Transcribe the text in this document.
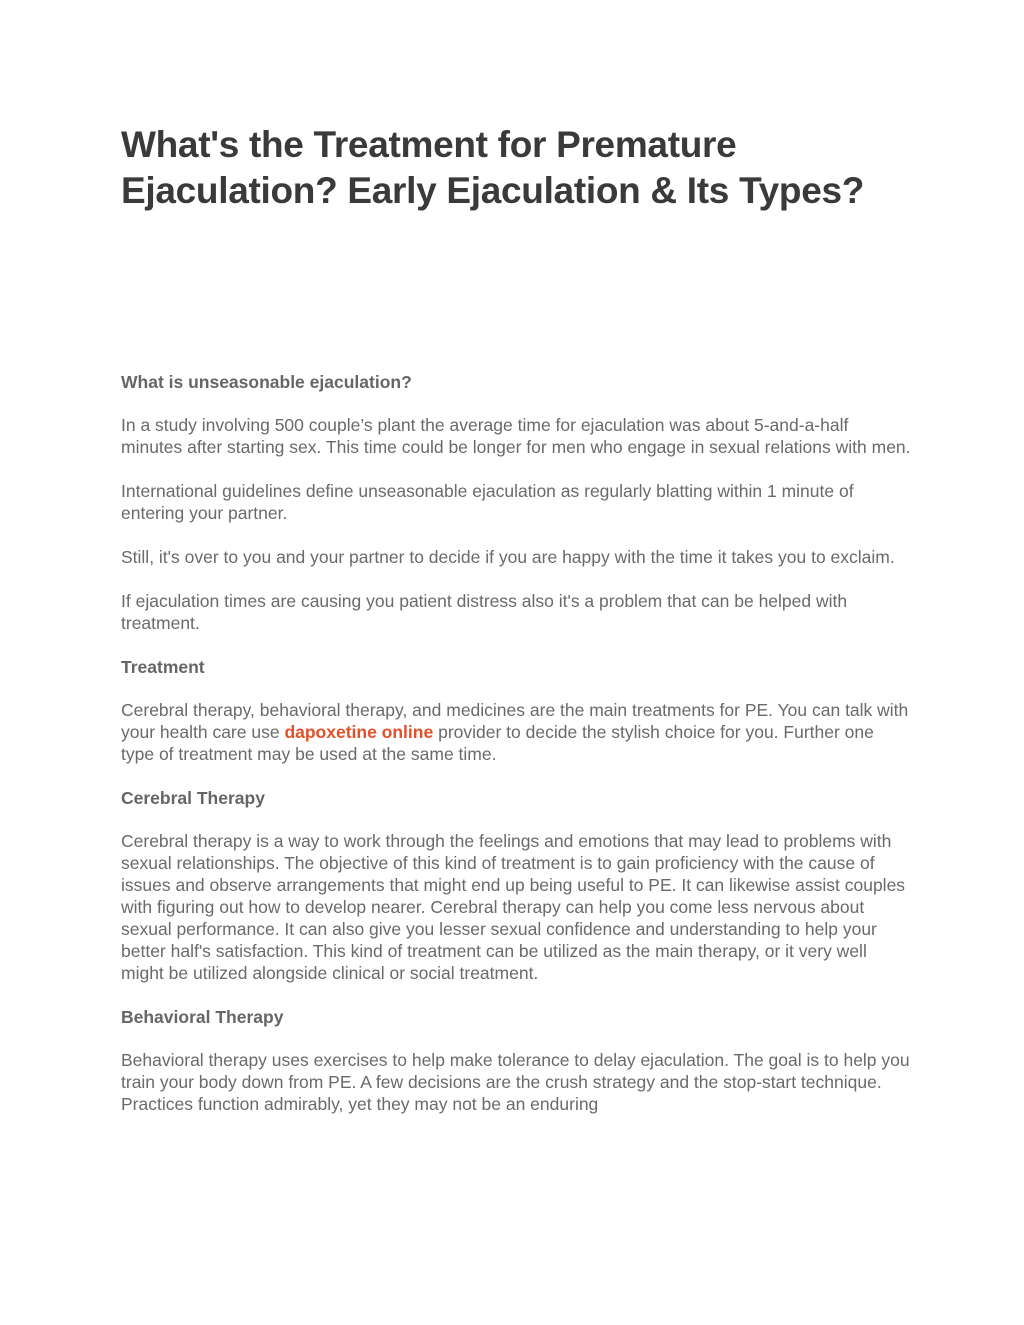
What's the Treatment for Premature Ejaculation? Early Ejaculation & Its Types?

What is unseasonable ejaculation?

In a study involving 500 couple’s plant the average time for ejaculation was about 5-and-a-half minutes after starting sex. This time could be longer for men who engage in sexual relations with men.

International guidelines define unseasonable ejaculation as regularly blatting within 1 minute of entering your partner.

Still, it's over to you and your partner to decide if you are happy with the time it takes you to exclaim.

If ejaculation times are causing you patient distress also it's a problem that can be helped with treatment.

Treatment

Cerebral therapy, behavioral therapy, and medicines are the main treatments for PE. You can talk with your health care use dapoxetine online provider to decide the stylish choice for you. Further one type of treatment may be used at the same time.

Cerebral Therapy

Cerebral therapy is a way to work through the feelings and emotions that may lead to problems with sexual relationships. The objective of this kind of treatment is to gain proficiency with the cause of issues and observe arrangements that might end up being useful to PE. It can likewise assist couples with figuring out how to develop nearer. Cerebral therapy can help you come less nervous about sexual performance. It can also give you lesser sexual confidence and understanding to help your better half's satisfaction. This kind of treatment can be utilized as the main therapy, or it very well might be utilized alongside clinical or social treatment.

Behavioral Therapy

Behavioral therapy uses exercises to help make tolerance to delay ejaculation. The goal is to help you train your body down from PE. A few decisions are the crush strategy and the stop-start technique. Practices function admirably, yet they may not be an enduring
